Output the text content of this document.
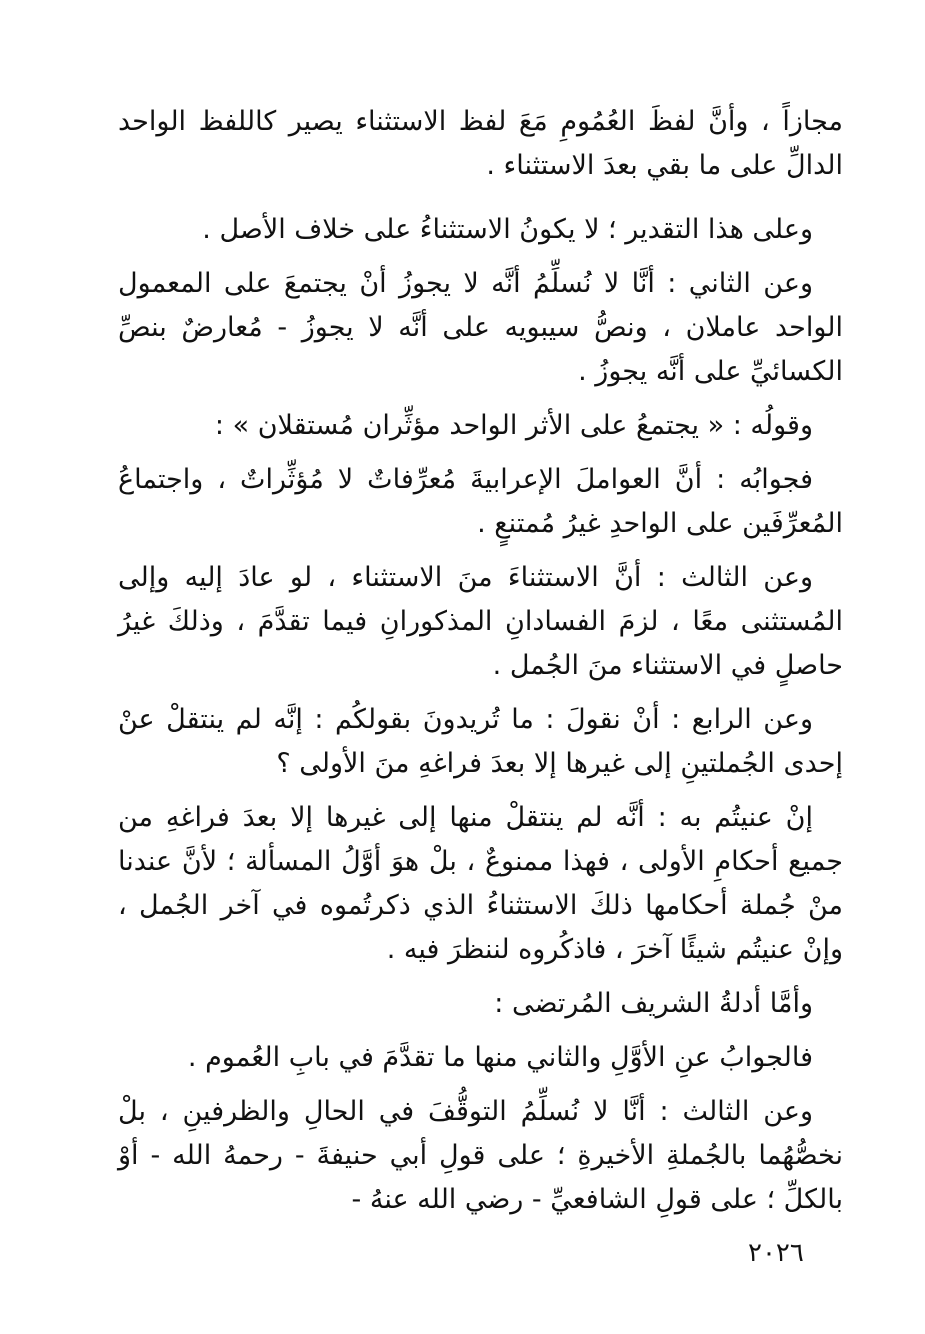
مجازاً ، وأنَّ لفظَ العُمُومِ مَعَ لفظ الاستثناء يصير كاللفظ الواحد الدالِّ على ما بقي بعدَ الاستثناء .

وعلى هذا التقدير ؛ لا يكونُ الاستثناءُ على خلاف الأصل .

وعن الثاني : أنَّا لا نُسلِّمُ أنَّه لا يجوزُ أنْ يجتمعَ على المعمول الواحد عاملان ، ونصُّ سيبويه على أنَّه لا يجوزُ - مُعارضٌ بنصِّ الكسائيِّ على أنَّه يجوزُ .

وقولُه : « يجتمعُ على الأثر الواحد مؤثِّران مُستقلان » :

فجوابُه : أنَّ العواملَ الإعرابيةَ مُعرِّفاتٌ لا مُؤثِّراتٌ ، واجتماعُ المُعرِّفَين على الواحدِ غيرُ مُمتنعٍ .

وعن الثالث : أنَّ الاستثناءَ منَ الاستثناء ، لو عادَ إليه وإلى المُستثنى معًا ، لزمَ الفسادانِ المذكورانِ فيما تقدَّمَ ، وذلكَ غيرُ حاصلٍ في الاستثناء منَ الجُمل .

وعن الرابع : أنْ نقولَ : ما تُريدونَ بقولكُم : إنَّه لم ينتقلْ عنْ إحدى الجُملتينِ إلى غيرها إلا بعدَ فراغهِ منَ الأولى ؟

إنْ عنيتُم به : أنَّه لم ينتقلْ منها إلى غيرها إلا بعدَ فراغهِ من جميع أحكامِ الأولى ، فهذا ممنوعٌ ، بلْ هوَ أوَّلُ المسألة ؛ لأنَّ عندنا منْ جُملة أحكامها ذلكَ الاستثناءُ الذي ذكرتُموه في آخر الجُمل ، وإنْ عنيتُم شيئًا آخرَ ، فاذكُروه لننظرَ فيه .

وأمَّا أدلةُ الشريف المُرتضى :

فالجوابُ عنِ الأوَّلِ والثاني منها ما تقدَّمَ في بابِ العُموم .

وعن الثالث : أنَّا لا نُسلِّمُ التوقُّفَ في الحالِ والظرفينِ ، بلْ نخصُّهُما بالجُملةِ الأخيرةِ ؛ على قولِ أبي حنيفةَ - رحمهُ الله - أوْ بالكلِّ ؛ على قولِ الشافعيِّ - رضي الله عنهُ -

٢٠٢٦
